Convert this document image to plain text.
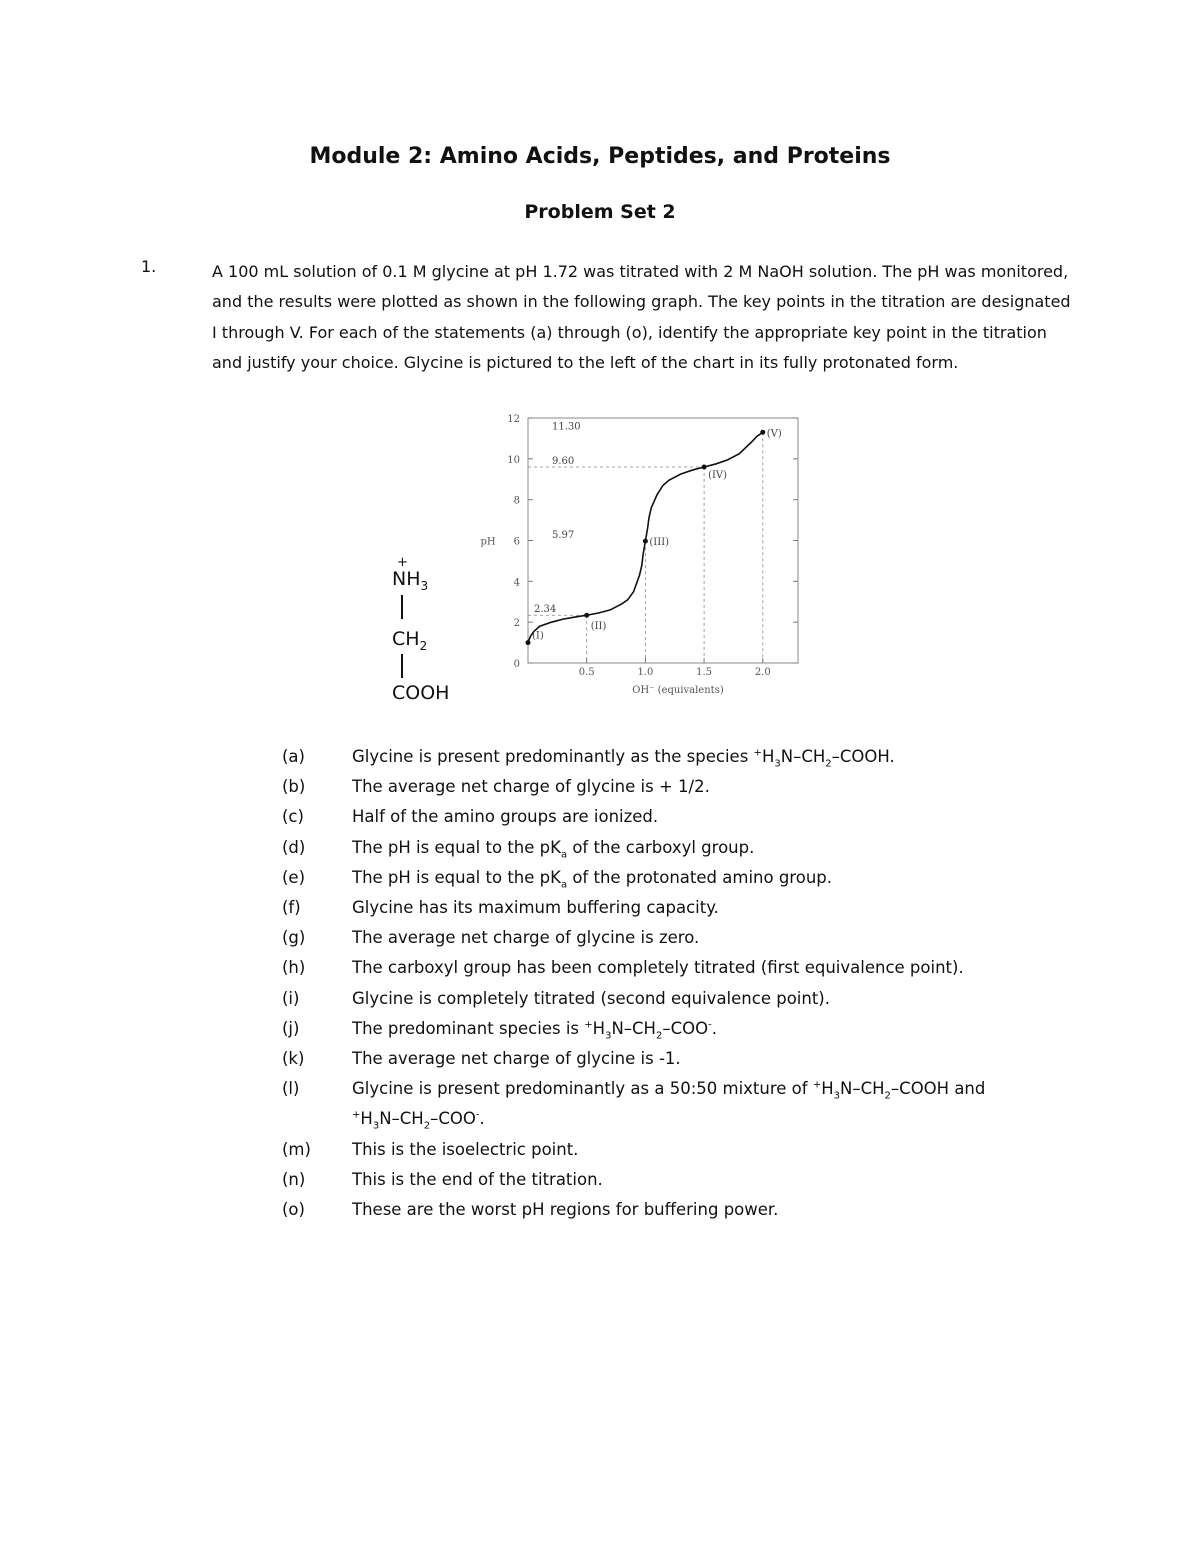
Module 2: Amino Acids, Peptides, and Proteins
Problem Set 2
1.	A 100 mL solution of 0.1 M glycine at pH 1.72 was titrated with 2 M NaOH solution. The pH was monitored, and the results were plotted as shown in the following graph. The key points in the titration are designated I through V. For each of the statements (a) through (o), identify the appropriate key point in the titration and justify your choice. Glycine is pictured to the left of the chart in its fully protonated form.
+
$NH_3$
$CH_2$
COOH
0
2
4
6
8
10
12
0.5	1.0	1.5	2.0
pH
OH⁻ (equivalents)
11.30
9.60
5.97
2.34
(I)
(II)
(III)
(IV)
(V)
(a)	Glycine is present predominantly as the species $^+H_3N-CH_2$–COOH.
(b)	The average net charge of glycine is + 1/2.
(c)	Half of the amino groups are ionized.
(d)	The pH is equal to the $pK_a$ of the carboxyl group.
(e)	The pH is equal to the $pK_a$ of the protonated amino group.
(f)	Glycine has its maximum buffering capacity.
(g)	The average net charge of glycine is zero.
(h)	The carboxyl group has been completely titrated (first equivalence point).
(i)	Glycine is completely titrated (second equivalence point).
(j)	The predominant species is $^+H_3N-CH_2-COO^-$.
(k)	The average net charge of glycine is -1.
(l)	Glycine is present predominantly as a 50:50 mixture of $^+H_3N-CH_2$–COOH and
$^+H_3N-CH_2-COO^-$.
(m) This is the isoelectric point.
(n)	This is the end of the titration.
(o)	These are the worst pH regions for buffering power.
